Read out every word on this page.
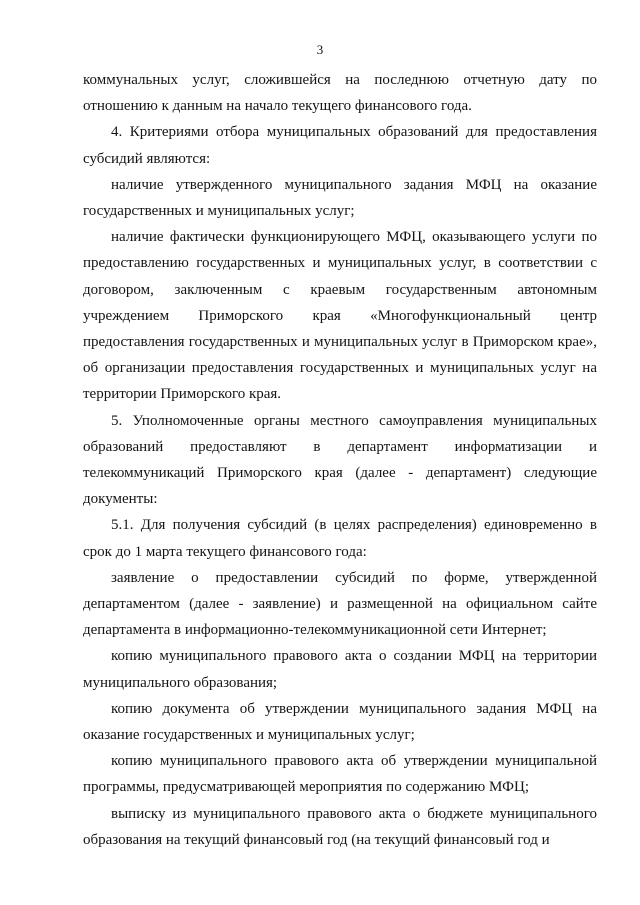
3

коммунальных услуг, сложившейся на последнюю отчетную дату по отношению к данным на начало текущего финансового года.

4. Критериями отбора муниципальных образований для предоставления субсидий являются:

наличие утвержденного муниципального задания МФЦ на оказание государственных и муниципальных услуг;

наличие фактически функционирующего МФЦ, оказывающего услуги по предоставлению государственных и муниципальных услуг, в соответствии с договором, заключенным с краевым государственным автономным учреждением Приморского края «Многофункциональный центр предоставления государственных и муниципальных услуг в Приморском крае», об организации предоставления государственных и муниципальных услуг на территории Приморского края.

5. Уполномоченные органы местного самоуправления муниципальных образований предоставляют в департамент информатизации и телекоммуникаций Приморского края (далее - департамент) следующие документы:

5.1. Для получения субсидий (в целях распределения) единовременно в срок до 1 марта текущего финансового года:

заявление о предоставлении субсидий по форме, утвержденной департаментом (далее - заявление) и размещенной на официальном сайте департамента в информационно-телекоммуникационной сети Интернет;

копию муниципального правового акта о создании МФЦ на территории муниципального образования;

копию документа об утверждении муниципального задания МФЦ на оказание государственных и муниципальных услуг;

копию муниципального правового акта об утверждении муниципальной программы, предусматривающей мероприятия по содержанию МФЦ;

выписку из муниципального правового акта о бюджете муниципального образования на текущий финансовый год (на текущий финансовый год и
